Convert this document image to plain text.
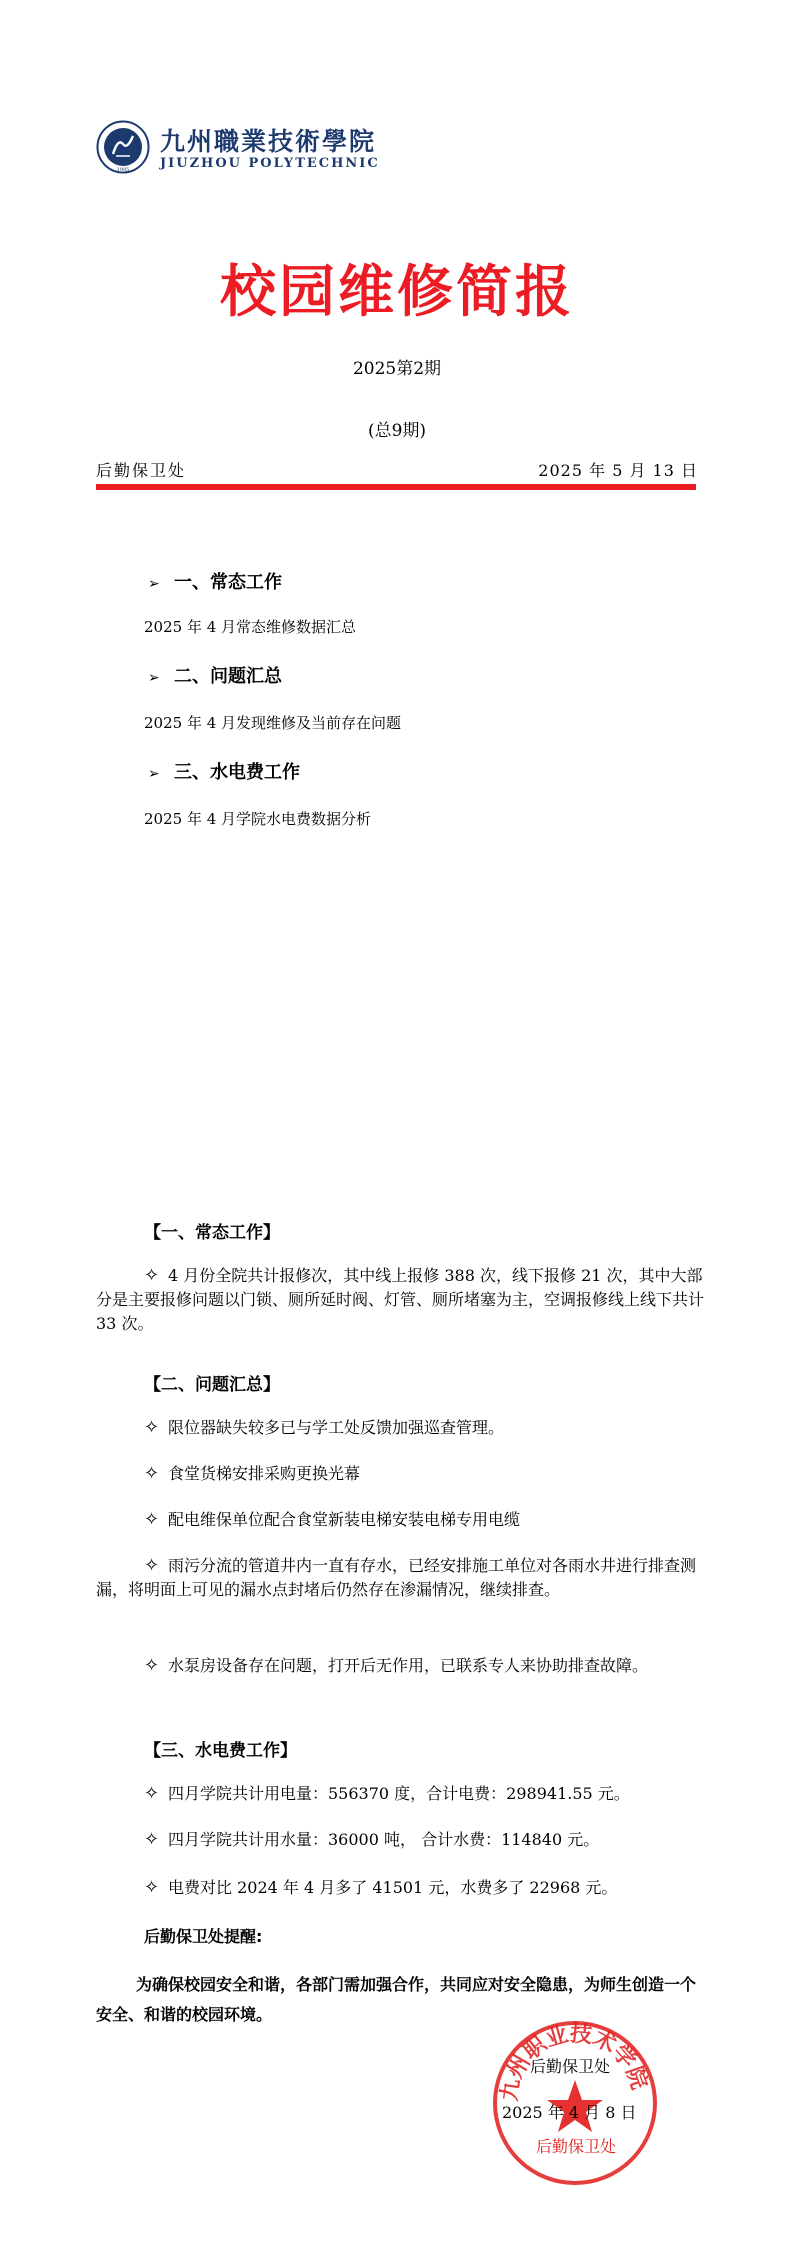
1995
九州職業技術學院
JIUZHOU POLYTECHNIC
校园维修简报
2025第2期
(总9期)
后勤保卫处	2025 年 5 月 13 日
➢ 一、常态工作
2025 年 4 月常态维修数据汇总
➢ 二、问题汇总
2025 年 4 月发现维修及当前存在问题
➢ 三、水电费工作
2025 年 4 月学院水电费数据分析
【一、常态工作】
✧ 4 月份全院共计报修次，其中线上报修 388 次，线下报修 21 次，其中大部分是主要报修问题以门锁、厕所延时阀、灯管、厕所堵塞为主，空调报修线上线下共计 33 次。
【二、问题汇总】
✧ 限位器缺失较多已与学工处反馈加强巡查管理。
✧ 食堂货梯安排采购更换光幕
✧ 配电维保单位配合食堂新装电梯安装电梯专用电缆
✧ 雨污分流的管道井内一直有存水，已经安排施工单位对各雨水井进行排查测漏，将明面上可见的漏水点封堵后仍然存在渗漏情况，继续排查。
✧ 水泵房设备存在问题，打开后无作用，已联系专人来协助排查故障。
【三、水电费工作】
✧ 四月学院共计用电量：556370 度，合计电费：298941.55 元。
✧ 四月学院共计用水量：36000 吨， 合计水费：114840 元。
✧ 电费对比 2024 年 4 月多了 41501 元，水费多了 22968 元。
后勤保卫处提醒:
为确保校园安全和谐，各部门需加强合作，共同应对安全隐患，为师生创造一个安全、和谐的校园环境。
九州职业技术学院
后勤保卫处
2025 年 4 月 8 日
后勤保卫处
